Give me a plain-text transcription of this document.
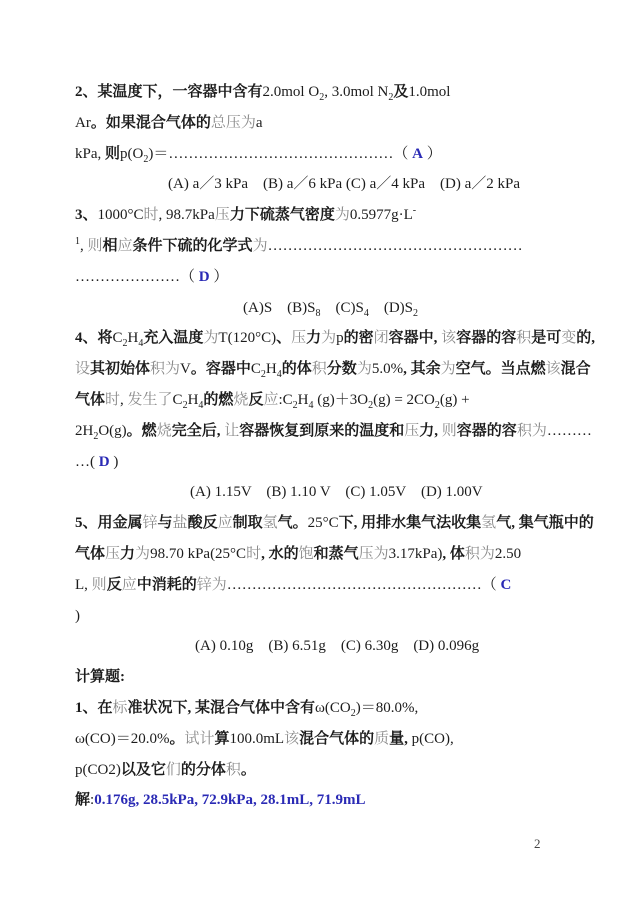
2、某温度下，一容器中含有2.0mol $O_2$, 3.0mol $N_2$及1.0mol
Ar。如果混合气体的总压为a
kPa, 则$p(O_2)=\dots\dots\dots\dots\dots\dots\dots\dots\dots\dots\dots\dots\dots\dots\dots$（ A ）
(A) a／3 kPa　(B) a／6 kPa (C) a／4 kPa　(D) a／2 kPa
3、1000°C时, 98.7kPa压力下硫蒸气密度为0.5977g·L-
$^1$, 则相应条件下硫的化学式为……………………………………………
…………………（ D ）
(A)S　$(B)S_8$　$(C)S_4$　$(D)S_2$
4、将$C_2H_4$充入温度为T(120°C)、压力为p的密闭容器中, 该容器的容积是可变的,
设其初始体积为V。容器中$C_2H_4$的体积分数为5.0%, 其余为空气。当点燃该混合
气体时, 发生了$C_2H_4$的燃烧反应$:C_2H_4$ $(g)+3O_2(g) = 2CO_2(g)$ +
$2H_2O(g)$。燃烧完全后, 让容器恢复到原来的温度和压力, 则容器的容积为………
…( D )
(A) 1.15V　(B) 1.10 V　(C) 1.05V　(D) 1.00V
5、用金属锌与盐酸反应制取氢气。25°C下, 用排水集气法收集氢气, 集气瓶中的
气体压力为98.70 kPa(25°C时, 水的饱和蒸气压为3.17kPa), 体积为2.50
L, 则反应中消耗的锌为……………………………………………（ C
)
(A) 0.10g　(B) 6.51g　(C) 6.30g　(D) 0.096g
计算题:
1、在标准状况下, 某混合气体中含有$\omega(CO_2)=80.0\%$,
ω(CO)＝20.0%。试计算100.0mL该混合气体的质量, p(CO),
p(CO2)以及它们的分体积。
解:0.176g, 28.5kPa, 72.9kPa, 28.1mL, 71.9mL
2
